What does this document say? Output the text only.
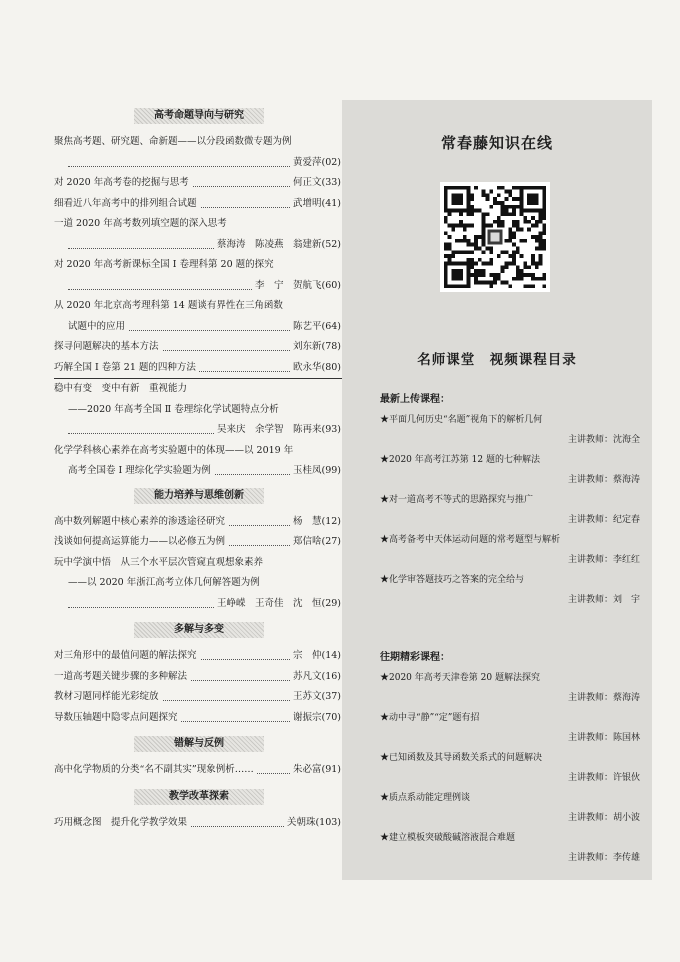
高考命题导向与研究
聚焦高考题、研究题、命新题——以分段函数微专题为例
黄爱萍(02)
对 2020 年高考卷的挖掘与思考	何正文(33)
细看近八年高考中的排列组合试题	武增明(41)
一道 2020 年高考数列填空题的深入思考
蔡海涛　陈凌燕　翁建新(52)
对 2020 年高考新课标全国 Ⅰ 卷理科第 20 题的探究
李　宁　贺航飞(60)
从 2020 年北京高考理科第 14 题谈有界性在三角函数
试题中的应用	陈艺平(64)
探寻问题解决的基本方法	刘东新(78)
巧解全国 Ⅰ 卷第 21 题的四种方法	欧永华(80)
稳中有变　变中有新　重视能力
——2020 年高考全国 Ⅱ 卷理综化学试题特点分析
吴来庆　余学智　陈再来(93)
化学学科核心素养在高考实验题中的体现——以 2019 年
高考全国卷 Ⅰ 理综化学实验题为例	玉桂凤(99)
能力培养与思维创新
高中数列解题中核心素养的渗透途径研究	杨　慧(12)
浅谈如何提高运算能力——以必修五为例	郑信啥(27)
玩中学演中悟　从三个水平层次管窥直观想象素养
——以 2020 年浙江高考立体几何解答题为例
王峥嵘　王奇佳　沈　恒(29)
多解与多变
对三角形中的最值问题的解法探究	宗　仲(14)
一道高考题关键步骤的多种解法	苏凡文(16)
教材习题同样能光彩绽放	王苏文(37)
导数压轴题中隐零点问题探究	谢振宗(70)
错解与反例
高中化学物质的分类“名不副其实”现象例析……	朱必富(91)
教学改革探索
巧用概念图　提升化学教学效果	关朝珠(103)
常春藤知识在线
名师课堂　视频课程目录
最新上传课程：
★平面几何历史“名题”视角下的解析几何
主讲教师：沈海全
★2020 年高考江苏第 12 题的七种解法
主讲教师：蔡海涛
★对一道高考不等式的思路探究与推广
主讲教师：纪定春
★高考备考中天体运动问题的常考题型与解析
主讲教师：李红红
★化学审答题技巧之答案的完全给与
主讲教师：刘　宇
往期精彩课程：
★2020 年高考天津卷第 20 题解法探究
主讲教师：蔡海涛
★动中寻“静”“定”题有招
主讲教师：陈国林
★已知函数及其导函数关系式的问题解决
主讲教师：许银伙
★质点系动能定理例谈
主讲教师：胡小波
★建立模板突破酸碱溶液混合难题
主讲教师：李传雄
